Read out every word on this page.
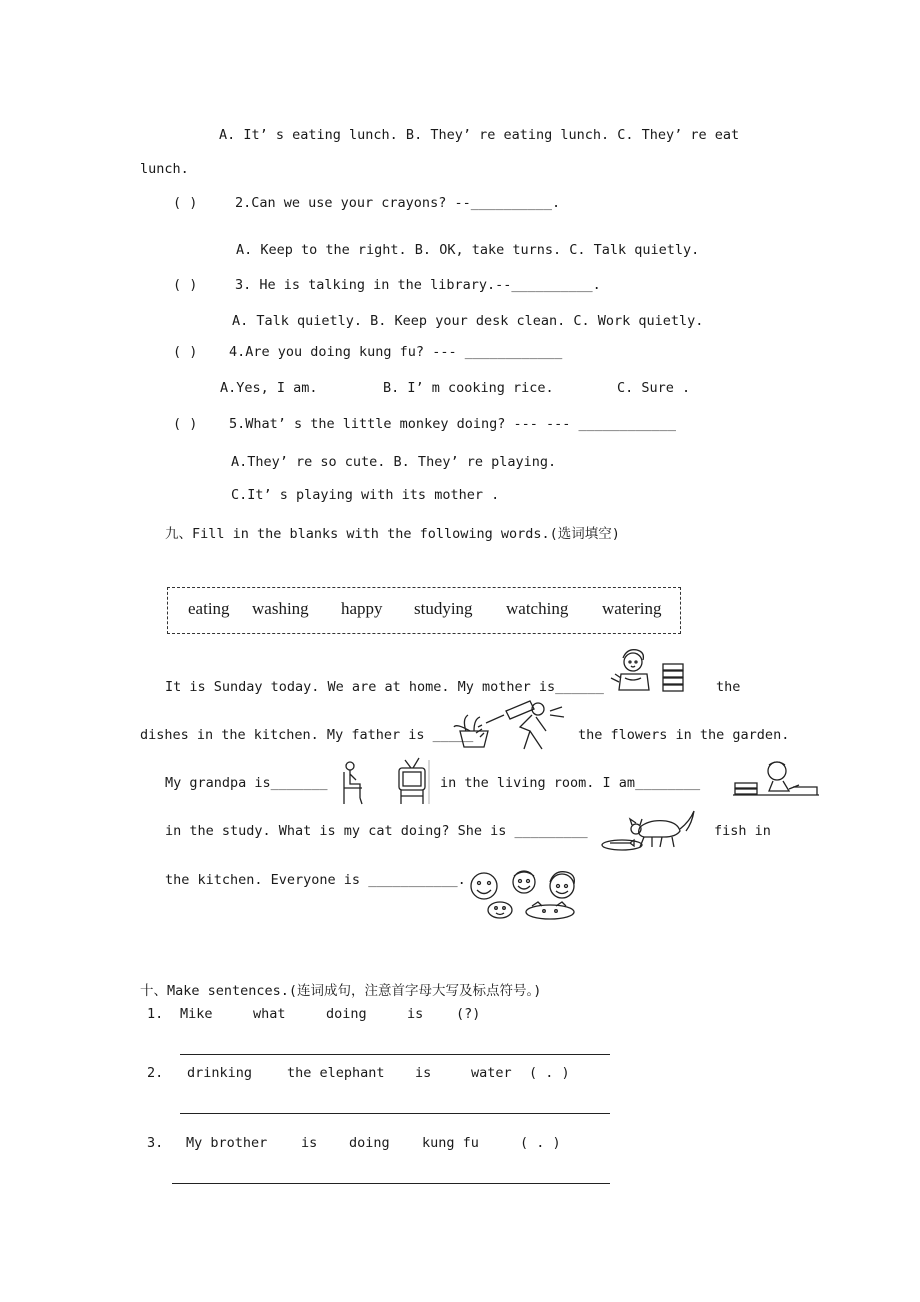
A. It’ s eating lunch. B. They’ re eating lunch. C. They’ re eat
lunch.
( )	2.Can we use your crayons? --__________.
A. Keep to the right. B. OK, take turns. C. Talk quietly.
( )	3. He is talking in the library.--__________.
A. Talk quietly. B. Keep your desk clean. C. Work quietly.
( ) 4.Are you doing kung fu? --- ____________
A.Yes, I am.	B. I’ m cooking rice.	C. Sure .
( ) 5.What’ s the little monkey doing? --- --- ____________
A.They’ re so cute. B. They’ re playing.
C.It’ s playing with its mother .
九、Fill in the blanks with the following words.(选词填空)
eating washing happy studying watching watering
It is Sunday today. We are at home. My mother is______	the
dishes in the kitchen. My father is _____	the flowers in the garden.
My grandpa is_______	in the living room. I am________
in the study. What is my cat doing? She is _________	fish in
the kitchen. Everyone is ___________.
十、Make sentences.(连词成句，注意首字母大写及标点符号。)
1. Mike	what	doing	is (?)
2. drinking	the elephant is	water ( . )
3. My brother is doing kung fu	( . )
